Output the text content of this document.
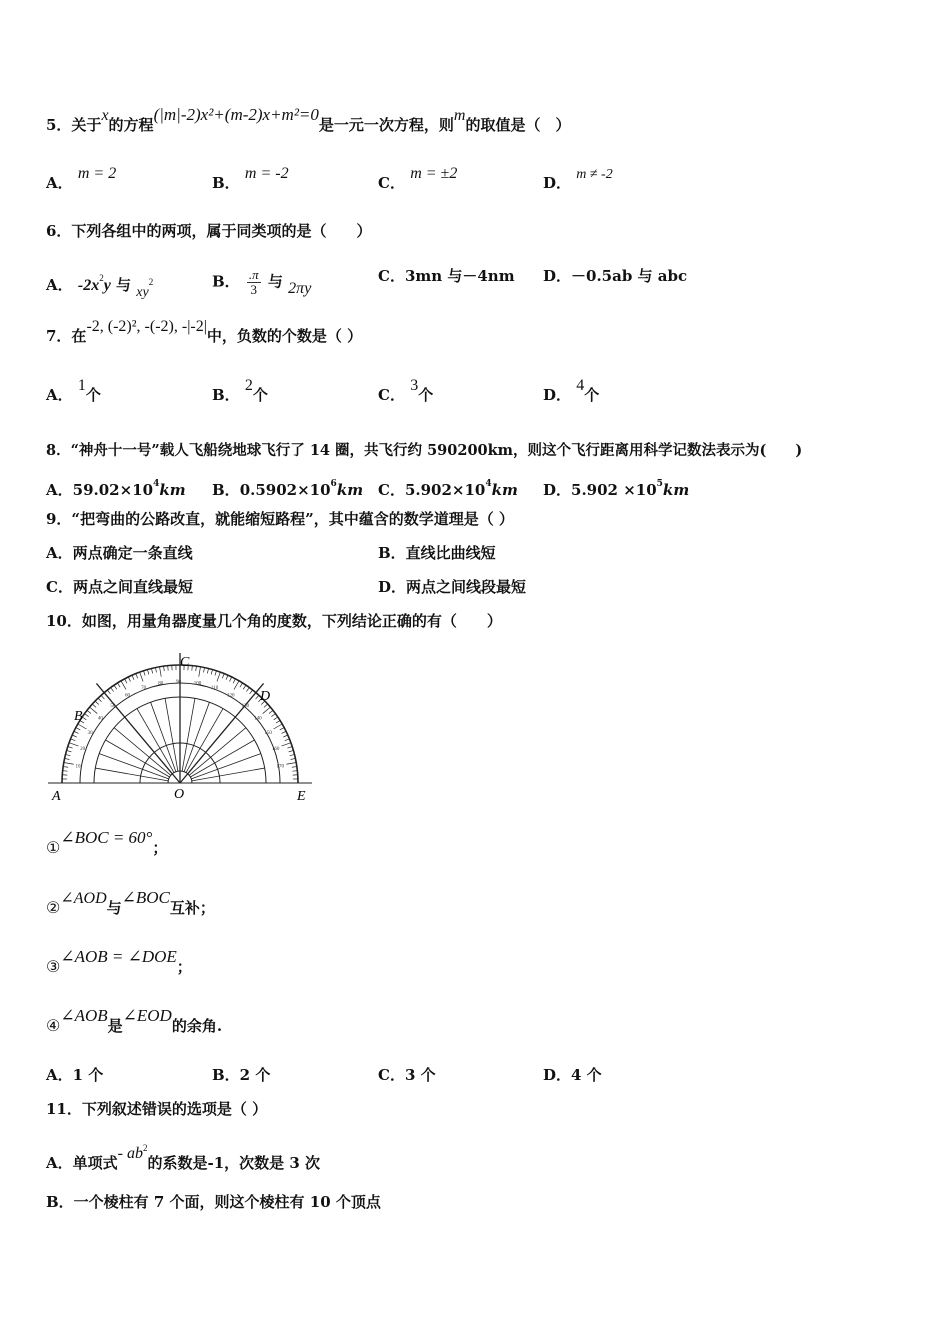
5．关于x的方程(|m|-2)x²+(m-2)x+m²=0是一元一次方程，则m的取值是（　）
A． m = 2
B． m = -2
C． m = ±2
D． m ≠ -2
6．下列各组中的两项，属于同类项的是（　　）
A． $-2x^2y$ 与 $xy^2$	B． $\frac{.\pi}{3}$ 与 2πy
C．3mn 与－4nm D．－0.5ab 与 abc
7．在-2, (-2)², -(-2), -|-2|中，负数的个数是（ ）
A． 1个	B． 2个	C． 3个	D． 4个
8．“神舟十一号”载人飞船绕地球飞行了 14 圈，共飞行约 590200km，则这个飞行距离用科学记数法表示为(　　)
A．$59.02\times 10^4km$ B．$0.5902\times 10^6km$ C．$5.902\times 10^4km$ D．$5.902 \times 10^5km$
9．“把弯曲的公路改直，就能缩短路程”，其中蕴含的数学道理是（ ）
A．两点确定一条直线	B．直线比曲线短
C．两点之间直线最短	D．两点之间线段最短
10．如图，用量角器度量几个角的度数，下列结论正确的有（　　）
170
160
150
140
130
120
110
100
90
80
70
60
50
40
30
20
10
A
B
C
D
E
O
①∠BOC = 60°；
②∠AOD与∠BOC互补；
③∠AOB = ∠DOE；
④∠AOB是∠EOD的余角.
A．1 个	B．2 个	C．3 个	D．4 个
11．下列叙述错误的选项是（ ）
A．单项式- $ab^2$的系数是-1，次数是 3 次
B．一个棱柱有 7 个面，则这个棱柱有 10 个顶点
